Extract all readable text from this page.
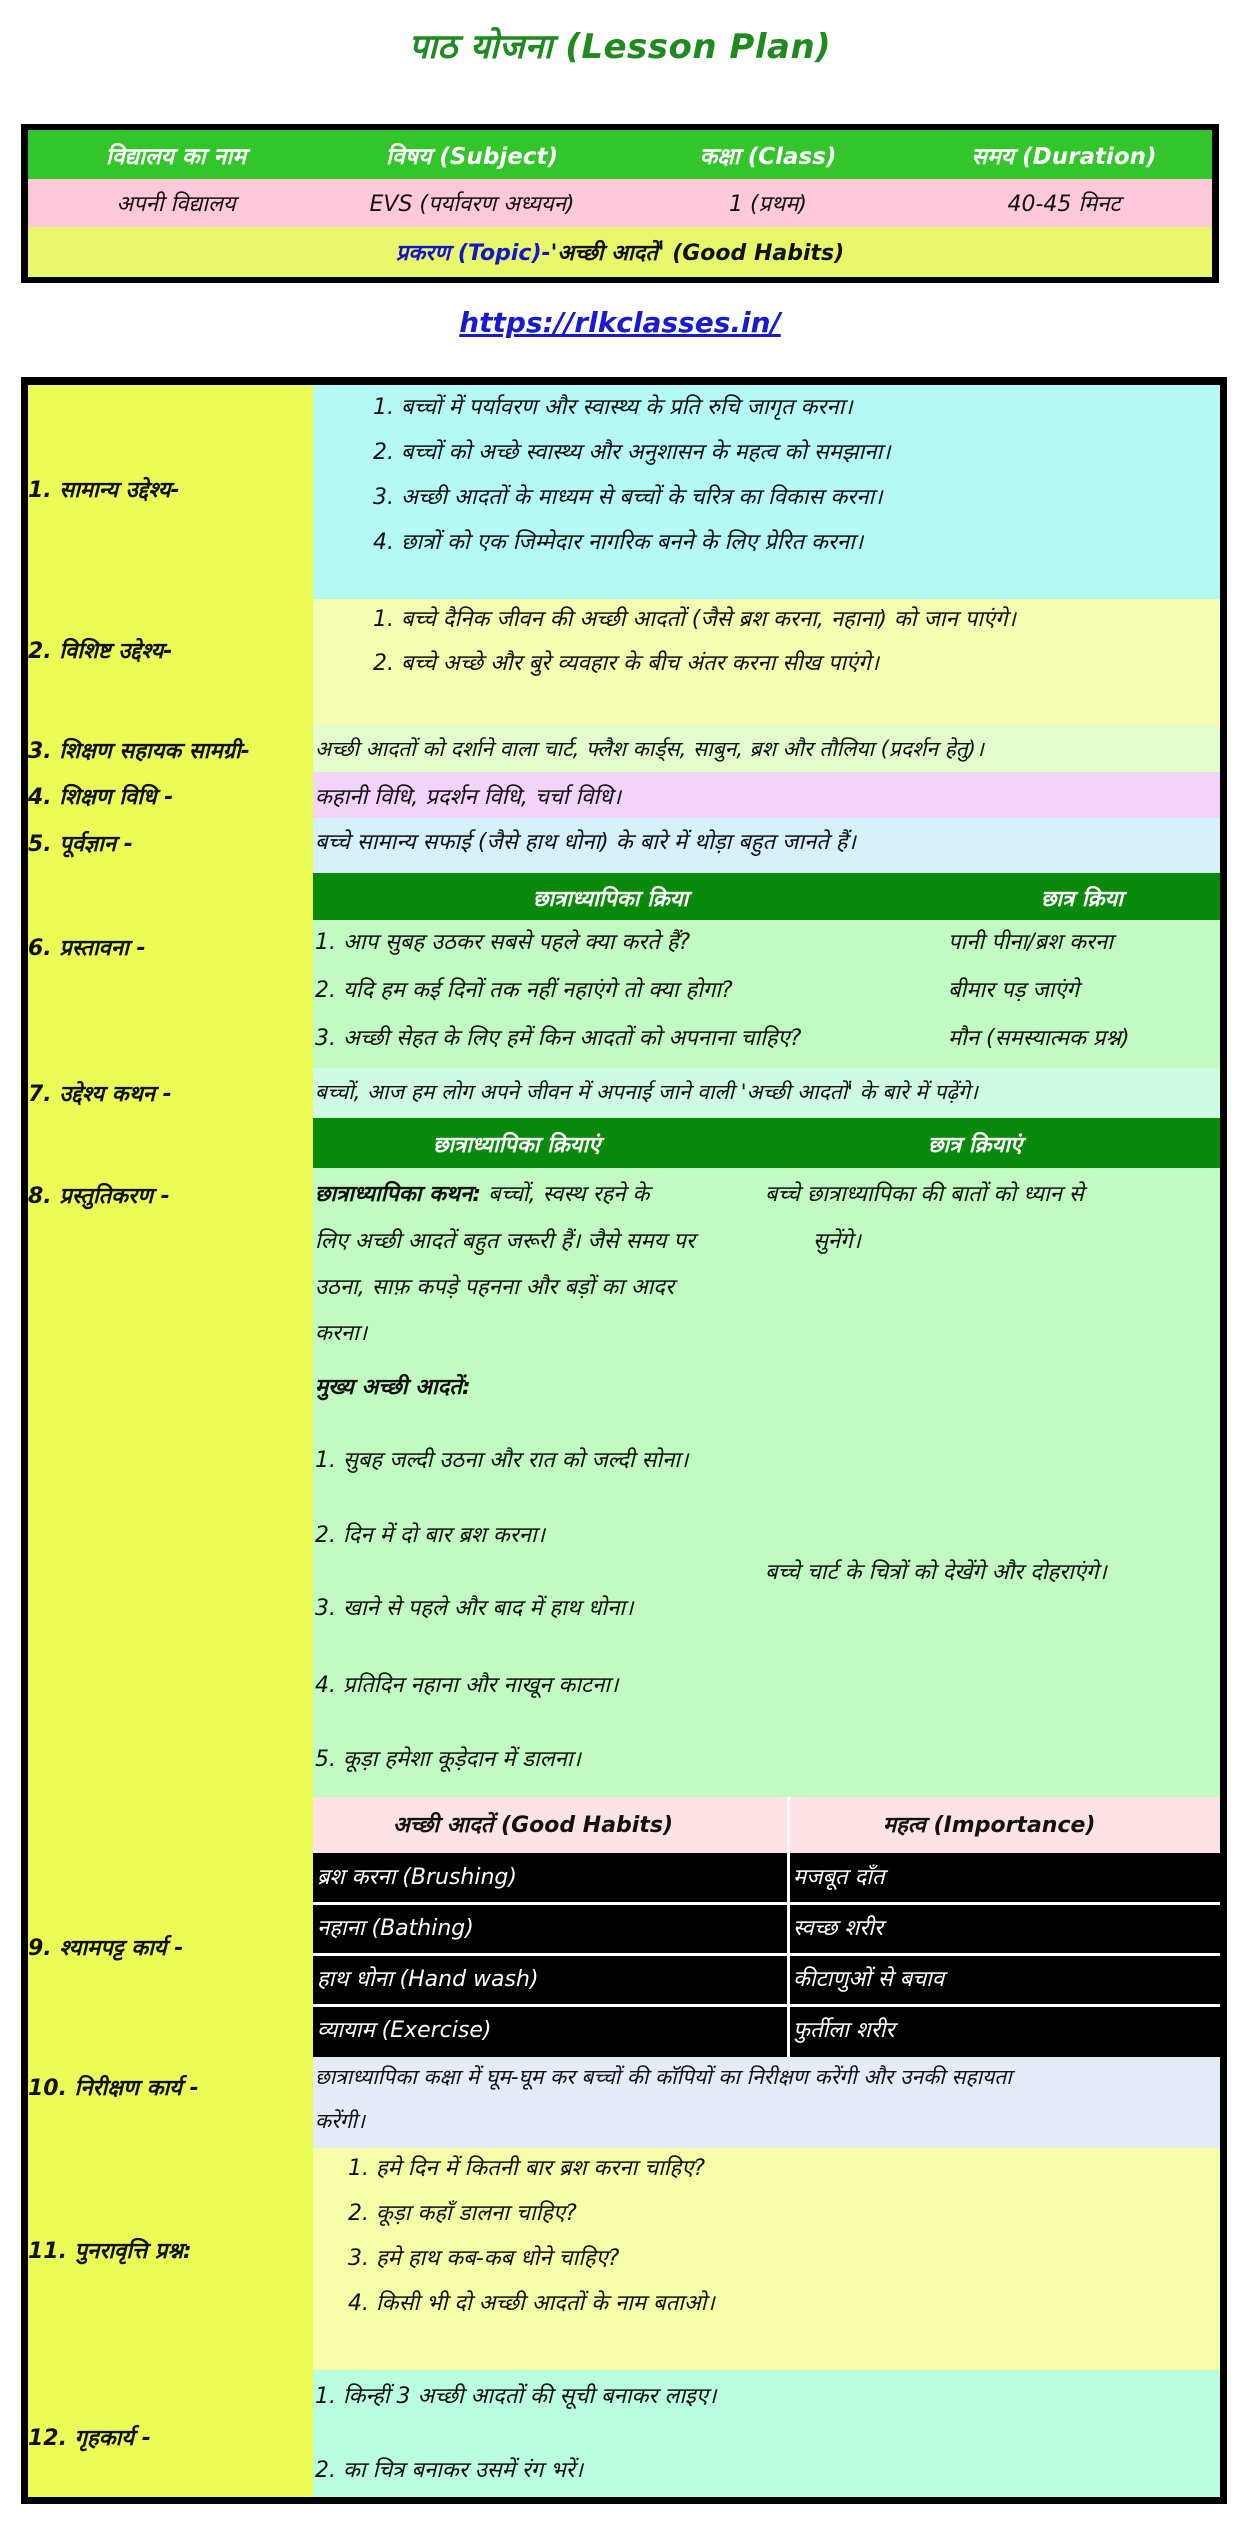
पाठ योजना (Lesson Plan)
विद्यालय का नाम	विषय (Subject)	कक्षा (Class)	समय (Duration)
अपनी विद्यालय	EVS (पर्यावरण अध्ययन)	1 (प्रथम)	40-45 मिनट
प्रकरण (Topic)-'अच्छी आदतें' (Good Habits)
https://rlkclasses.in/
1. बच्चों में पर्यावरण और स्वास्थ्य के प्रति रुचि जागृत करना।
2. बच्चों को अच्छे स्वास्थ्य और अनुशासन के महत्व को समझाना।
3. अच्छी आदतों के माध्यम से बच्चों के चरित्र का विकास करना।
4. छात्रों को एक जिम्मेदार नागरिक बनने के लिए प्रेरित करना।
1. सामान्य उद्देश्य-
1. बच्चे दैनिक जीवन की अच्छी आदतों (जैसे ब्रश करना, नहाना) को जान पाएंगे।
2. बच्चे अच्छे और बुरे व्यवहार के बीच अंतर करना सीख पाएंगे।
2. विशिष्ट उद्देश्य-
अच्छी आदतों को दर्शाने वाला चार्ट, फ्लैश कार्ड्स, साबुन, ब्रश और तौलिया (प्रदर्शन हेतु)।
3. शिक्षण सहायक सामग्री-
कहानी विधि, प्रदर्शन विधि, चर्चा विधि।
4. शिक्षण विधि -
बच्चे सामान्य सफाई (जैसे हाथ धोना) के बारे में थोड़ा बहुत जानते हैं।
5. पूर्वज्ञान -
छात्राध्यापिका क्रिया	छात्र क्रिया
1. आप सुबह उठकर सबसे पहले क्या करते हैं?	पानी पीना/ब्रश करना
2. यदि हम कई दिनों तक नहीं नहाएंगे तो क्या होगा?	बीमार पड़ जाएंगे
3. अच्छी सेहत के लिए हमें किन आदतों को अपनाना चाहिए?	मौन (समस्यात्मक प्रश्न)
6. प्रस्तावना -
बच्चों, आज हम लोग अपने जीवन में अपनाई जाने वाली 'अच्छी आदतों' के बारे में पढ़ेंगे।
7. उद्देश्य कथन -
छात्राध्यापिका क्रियाएं	छात्र क्रियाएं
छात्राध्यापिका कथन: बच्चों, स्वस्थ रहने के	बच्चे छात्राध्यापिका की बातों को ध्यान से
लिए अच्छी आदतें बहुत जरूरी हैं। जैसे समय पर	सुनेंगे।
उठना, साफ़ कपड़े पहनना और बड़ों का आदर
करना।
मुख्य अच्छी आदतें:
1. सुबह जल्दी उठना और रात को जल्दी सोना।
2. दिन में दो बार ब्रश करना।
बच्चे चार्ट के चित्रों को देखेंगे और दोहराएंगे।
3. खाने से पहले और बाद में हाथ धोना।
4. प्रतिदिन नहाना और नाखून काटना।
5. कूड़ा हमेशा कूड़ेदान में डालना।
8. प्रस्तुतिकरण -
अच्छी आदतें (Good Habits)	महत्व (Importance)
ब्रश करना (Brushing)	मजबूत दाँत
नहाना (Bathing)	स्वच्छ शरीर
हाथ धोना (Hand wash)	कीटाणुओं से बचाव
व्यायाम (Exercise)	फुर्तीला शरीर
9. श्यामपट्ट कार्य -
छात्राध्यापिका कक्षा में घूम-घूम कर बच्चों की कॉपियों का निरीक्षण करेंगी और उनकी सहायता
करेंगी।
10. निरीक्षण कार्य -
1. हमे दिन में कितनी बार ब्रश करना चाहिए?
2. कूड़ा कहाँ डालना चाहिए?
3. हमे हाथ कब-कब धोने चाहिए?
4. किसी भी दो अच्छी आदतों के नाम बताओ।
11. पुनरावृत्ति प्रश्न:
1. किन्हीं 3 अच्छी आदतों की सूची बनाकर लाइए।
2. का चित्र बनाकर उसमें रंग भरें।
12. गृहकार्य -
